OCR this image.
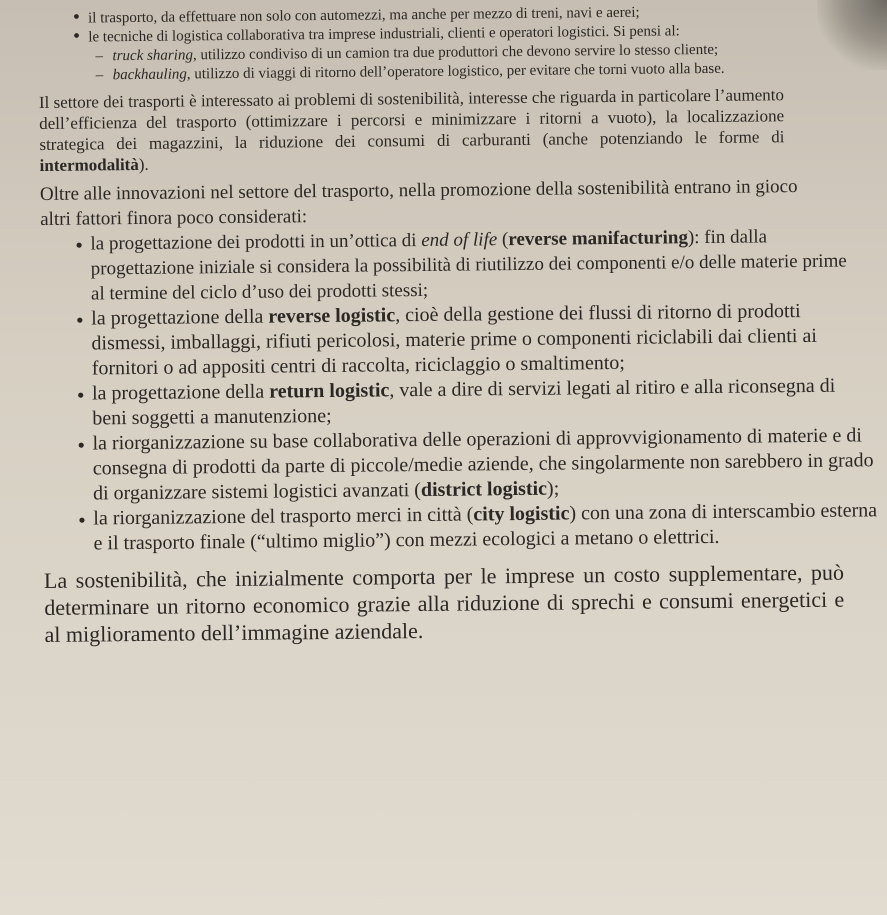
● il trasporto, da effettuare non solo con automezzi, ma anche per mezzo di treni, navi e aerei;

● le tecniche di logistica collaborativa tra imprese industriali, clienti e operatori logistici. Si pensi al:

– truck sharing, utilizzo condiviso di un camion tra due produttori che devono servire lo stesso cliente;

– backhauling, utilizzo di viaggi di ritorno dell’operatore logistico, per evitare che torni vuoto alla base.

Il settore dei trasporti è interessato ai problemi di sostenibilità, interesse che riguarda in particolare l’aumento dell’efficienza del trasporto (ottimizzare i percorsi e minimizzare i ritorni a vuoto), la localizzazione strategica dei magazzini, la riduzione dei consumi di carburanti (anche potenziando le forme di intermodalità).

Oltre alle innovazioni nel settore del trasporto, nella promozione della sostenibilità entrano in gioco altri fattori finora poco considerati:

● la progettazione dei prodotti in un’ottica di end of life (reverse manifacturing): fin dalla progettazione iniziale si considera la possibilità di riutilizzo dei componenti e/o delle materie prime al termine del ciclo d’uso dei prodotti stessi;

● la progettazione della reverse logistic, cioè della gestione dei flussi di ritorno di prodotti dismessi, imballaggi, rifiuti pericolosi, materie prime o componenti riciclabili dai clienti ai fornitori o ad appositi centri di raccolta, riciclaggio o smaltimento;

● la progettazione della return logistic, vale a dire di servizi legati al ritiro e alla riconsegna di beni soggetti a manutenzione;

● la riorganizzazione su base collaborativa delle operazioni di approvvigionamento di materie e di consegna di prodotti da parte di piccole/medie aziende, che singolarmente non sarebbero in grado di organizzare sistemi logistici avanzati (district logistic);

● la riorganizzazione del trasporto merci in città (city logistic) con una zona di interscambio esterna e il trasporto finale (“ultimo miglio”) con mezzi ecologici a metano o elettrici.

La sostenibilità, che inizialmente comporta per le imprese un costo supplementare, può determinare un ritorno economico grazie alla riduzione di sprechi e consumi energetici e al miglioramento dell’immagine aziendale.
